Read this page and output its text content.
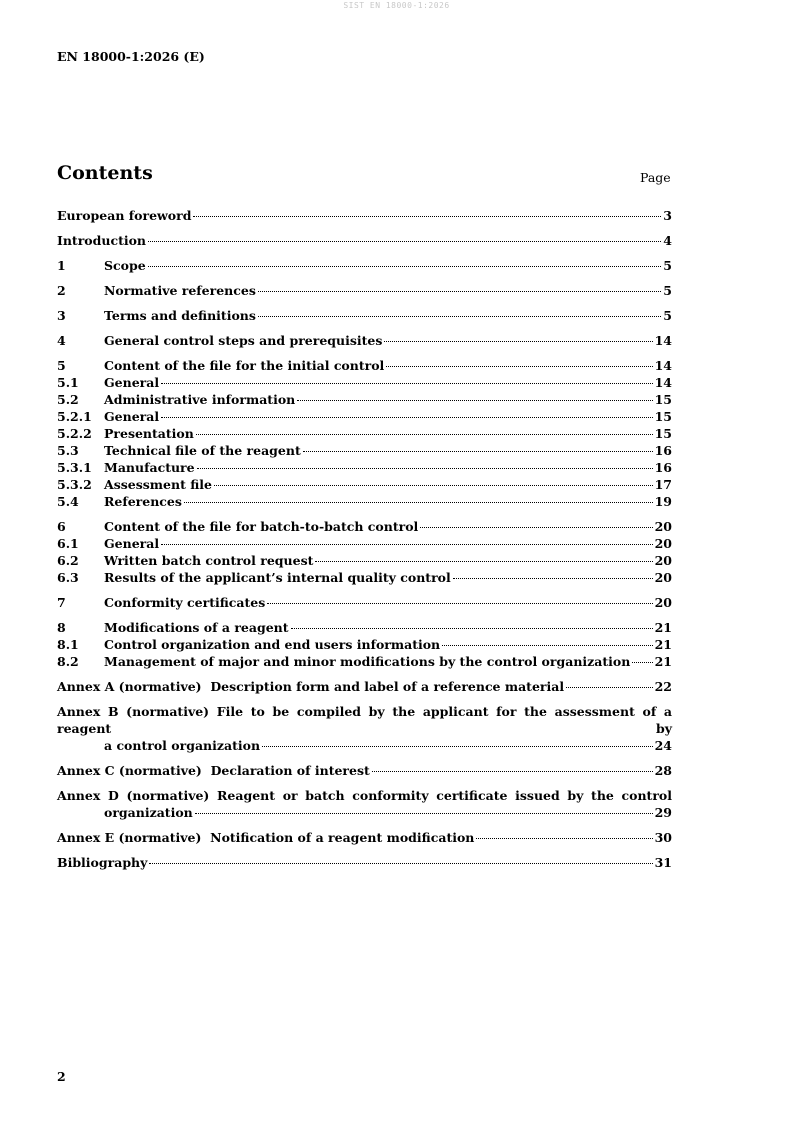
SIST EN 18000-1:2026
EN 18000-1:2026 (E)
Contents	Page
European foreword	3
Introduction	4
1	Scope	5
2	Normative references	5
3	Terms and definitions	5
4	General control steps and prerequisites	14
5	Content of the file for the initial control	14
5.1	General	14
5.2	Administrative information	15
5.2.1 General	15
5.2.2 Presentation	15
5.3	Technical file of the reagent	16
5.3.1 Manufacture	16
5.3.2 Assessment file	17
5.4	References	19
6	Content of the file for batch-to-batch control	20
6.1	General	20
6.2	Written batch control request	20
6.3	Results of the applicant’s internal quality control	20
7	Conformity certificates	20
8	Modifications of a reagent	21
8.1	Control organization and end users information	21
8.2	Management of major and minor modifications by the control organization 21
Annex A (normative) Description form and label of a reference material	22
Annex B (normative) File to be compiled by the applicant for the assessment of a reagent by
a control organization	24
Annex C (normative) Declaration of interest	28
Annex D (normative) Reagent or batch conformity certificate issued by the control
organization	29
Annex E (normative) Notification of a reagent modification	30
Bibliography	31
2
